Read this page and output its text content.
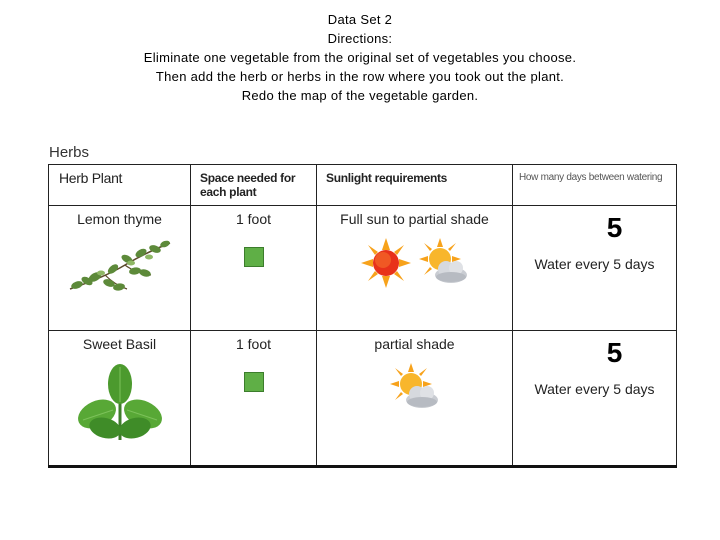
Data Set 2
Directions:
Eliminate one vegetable from the original set of vegetables you choose.
Then add the herb or herbs in the row where you took out the plant.
Redo the map of the vegetable garden.
Herbs
Herb Plant	Space needed for each plant	Sunlight requirements	How many days between watering

Lemon thyme	1 foot	Full sun to partial shade	5
Water every 5 days

Sweet Basil	1 foot	partial shade	5
Water every 5 days
